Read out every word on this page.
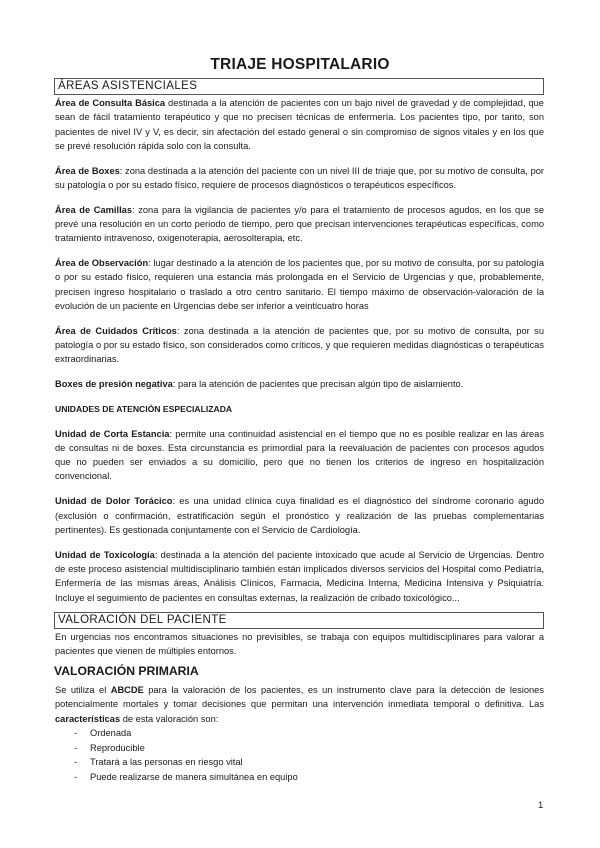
TRIAJE HOSPITALARIO
ÁREAS ASISTENCIALES

Área de Consulta Básica destinada a la atención de pacientes con un bajo nivel de gravedad y de complejidad, que sean de fácil tratamiento terapéutico y que no precisen técnicas de enfermería. Los pacientes tipo, por tanto, son pacientes de nivel IV y V, es decir, sin afectación del estado general o sin compromiso de signos vitales y en los que se prevé resolución rápida solo con la consulta.

Área de Boxes: zona destinada a la atención del paciente con un nivel III de triaje que, por su motivo de consulta, por su patología o por su estado físico, requiere de procesos diagnósticos o terapéuticos específicos.

Área de Camillas: zona para la vigilancia de pacientes y/o para el tratamiento de procesos agudos, en los que se prevé una resolución en un corto periodo de tiempo, pero que precisan intervenciones terapéuticas específicas, como tratamiento intravenoso, oxigenoterapia, aerosolterapia, etc.

Área de Observación: lugar destinado a la atención de los pacientes que, por su motivo de consulta, por su patología o por su estado físico, requieren una estancia más prolongada en el Servicio de Urgencias y que, probablemente, precisen ingreso hospitalario o traslado a otro centro sanitario. El tiempo máximo de observación-valoración de la evolución de un paciente en Urgencias debe ser inferior a veinticuatro horas

Área de Cuidados Críticos: zona destinada a la atención de pacientes que, por su motivo de consulta, por su patología o por su estado físico, son considerados como críticos, y que requieren medidas diagnósticas o terapéuticas extraordinarias.

Boxes de presión negativa: para la atención de pacientes que precisan algún tipo de aislamiento.

UNIDADES DE ATENCIÓN ESPECIALIZADA

Unidad de Corta Estancia: permite una continuidad asistencial en el tiempo que no es posible realizar en las áreas de consultas ni de boxes. Esta circunstancia es primordial para la reevaluación de pacientes con procesos agudos que no pueden ser enviados a su domicilio, pero que no tienen los criterios de ingreso en hospitalización convencional.

Unidad de Dolor Torácico: es una unidad clínica cuya finalidad es el diagnóstico del síndrome coronario agudo (exclusión o confirmación, estratificación según el pronóstico y realización de las pruebas complementarias pertinentes). Es gestionada conjuntamente con el Servicio de Cardiología.

Unidad de Toxicología: destinada a la atención del paciente intoxicado que acude al Servicio de Urgencias. Dentro de este proceso asistencial multidisciplinario también están implicados diversos servicios del Hospital como Pediatría, Enfermería de las mismas áreas, Análisis Clínicos, Farmacia, Medicina Interna, Medicina Intensiva y Psiquiatría. Incluye el seguimiento de pacientes en consultas externas, la realización de cribado toxicológico...

VALORACIÓN DEL PACIENTE

En urgencias nos encontramos situaciones no previsibles, se trabaja con equipos multidisciplinares para valorar a pacientes que vienen de múltiples entornos.

VALORACIÓN PRIMARIA

Se utiliza el ABCDE para la valoración de los pacientes, es un instrumento clave para la detección de lesiones potencialmente mortales y tomar decisiones que permitan una intervención inmediata temporal o definitiva. Las características de esta valoración son:

- Ordenada
- Reproducible
- Tratará a las personas en riesgo vital
- Puede realizarse de manera simultánea en equipo
1
